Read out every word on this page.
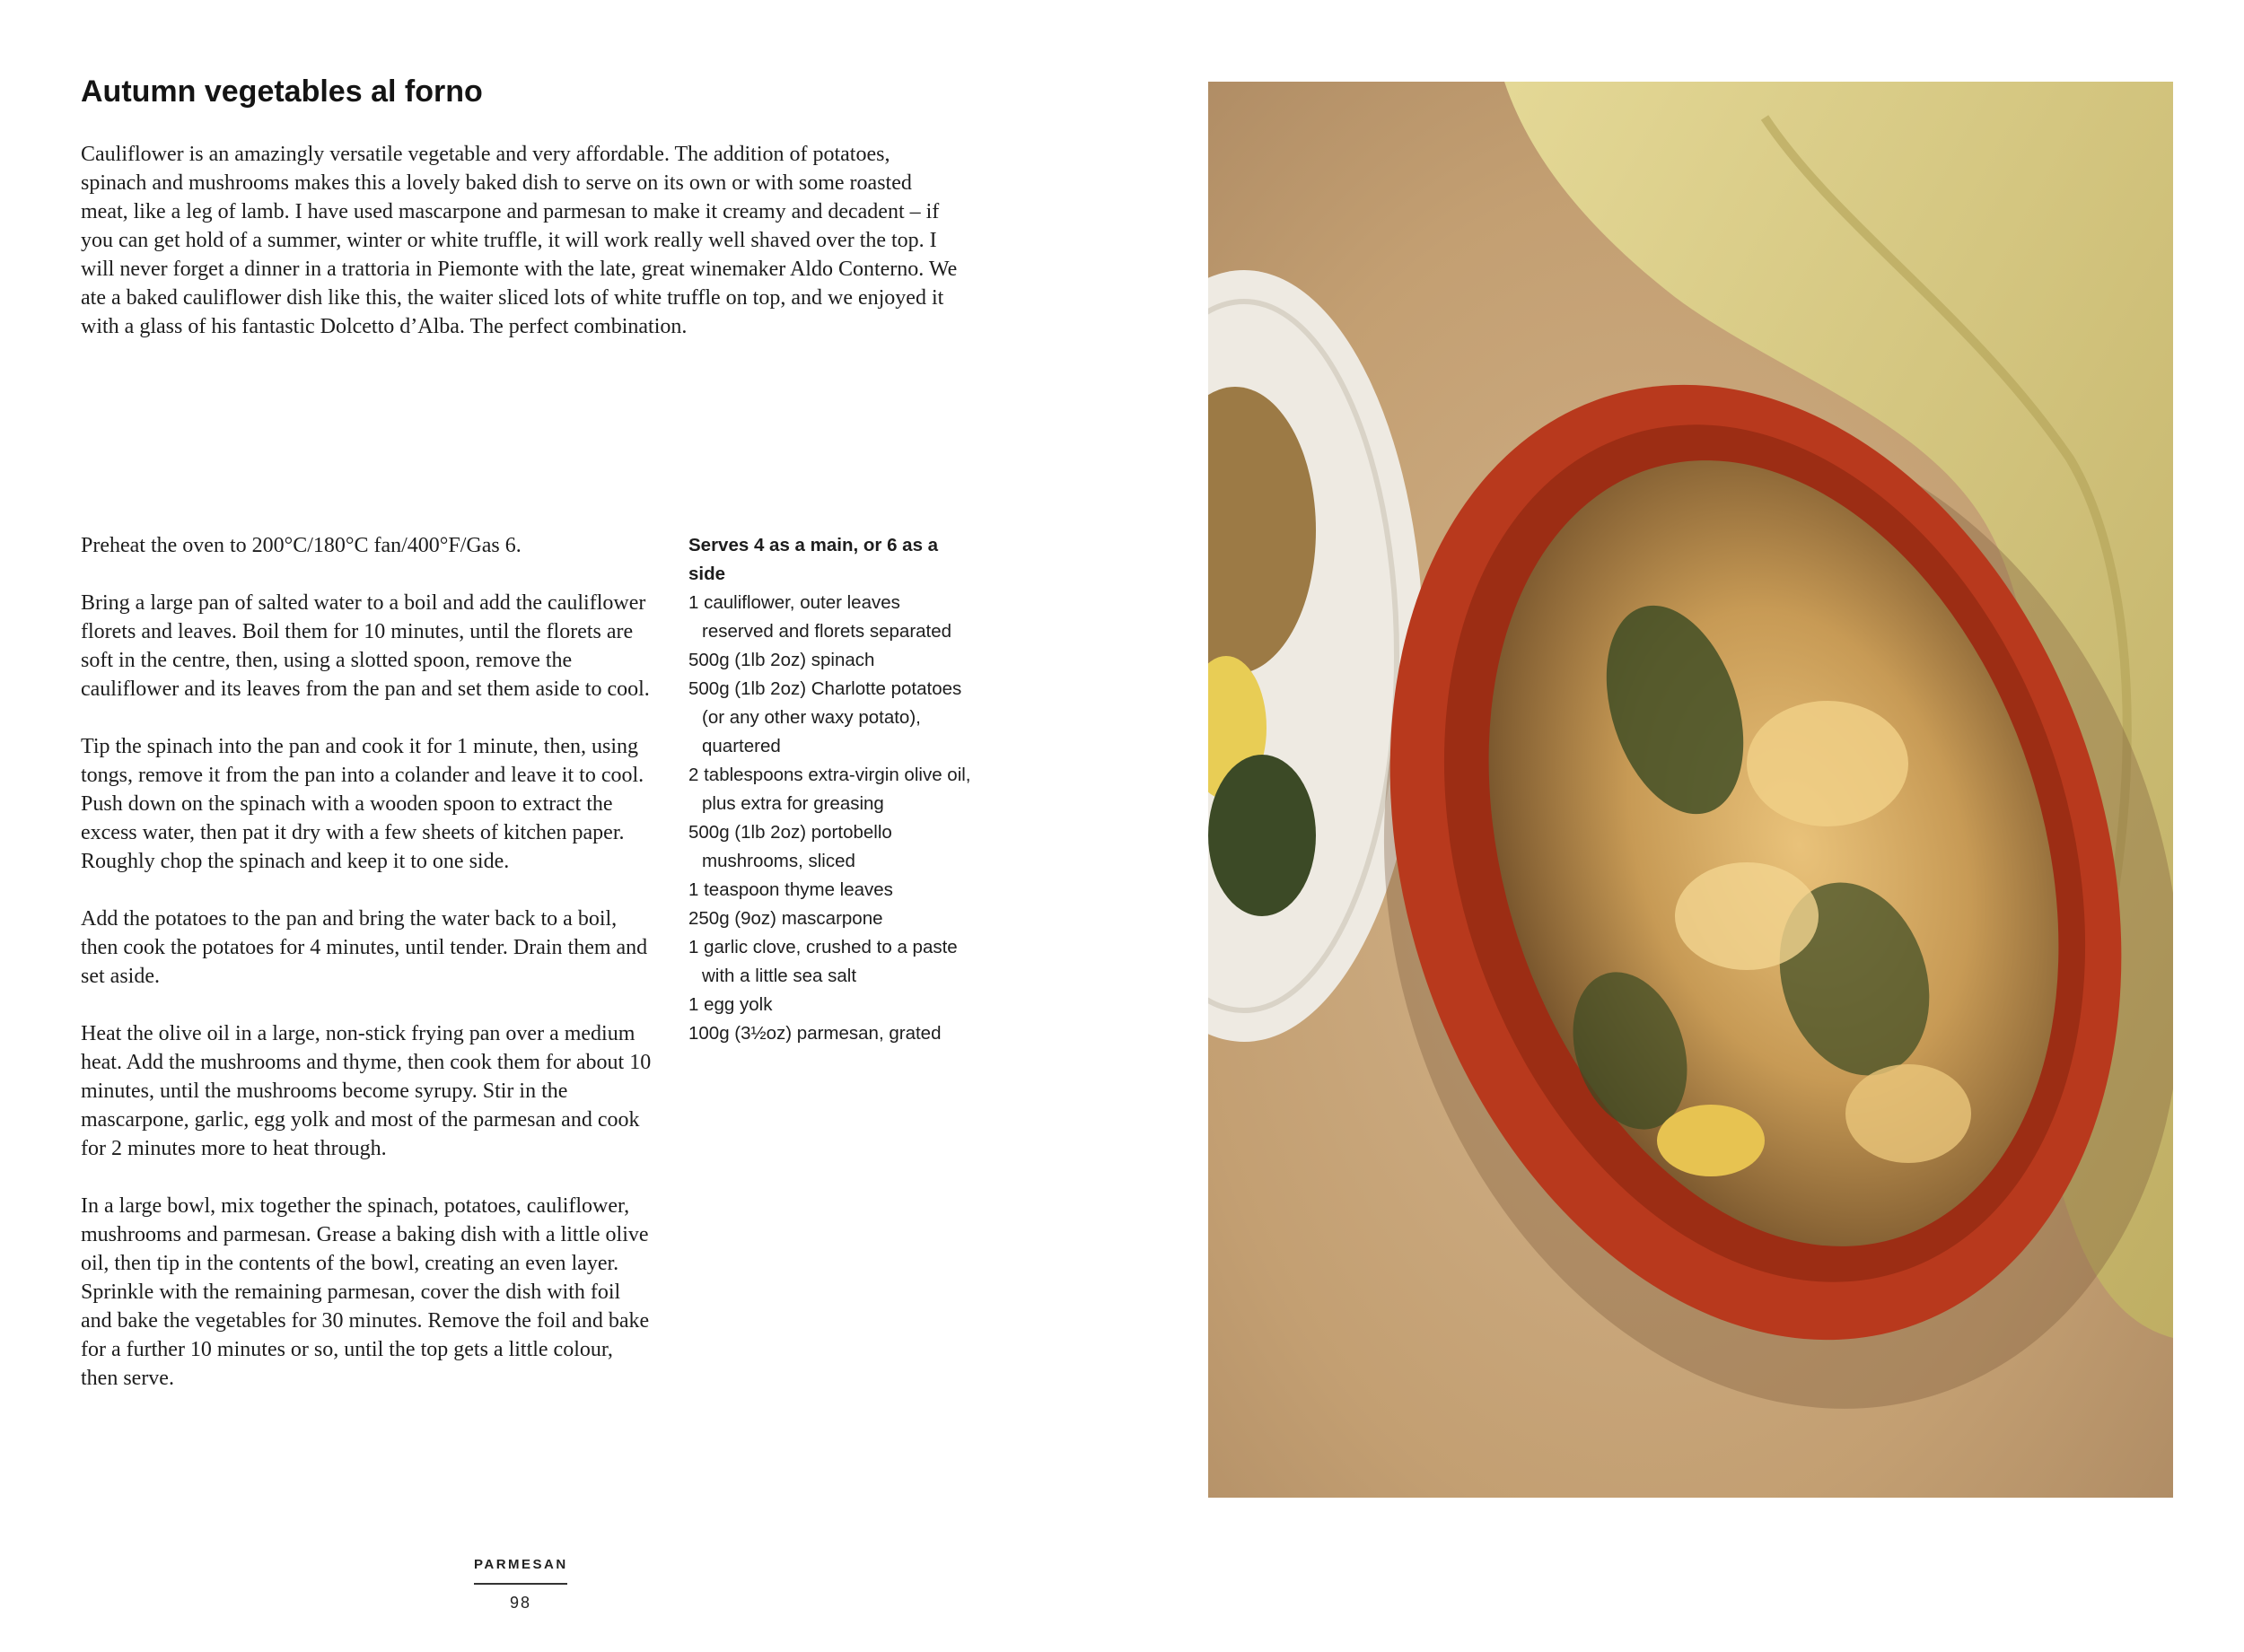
Autumn vegetables al forno

Cauliflower is an amazingly versatile vegetable and very affordable. The addition of potatoes, spinach and mushrooms makes this a lovely baked dish to serve on its own or with some roasted meat, like a leg of lamb. I have used mascarpone and parmesan to make it creamy and decadent – if you can get hold of a summer, winter or white truffle, it will work really well shaved over the top. I will never forget a dinner in a trattoria in Piemonte with the late, great winemaker Aldo Conterno. We ate a baked cauliflower dish like this, the waiter sliced lots of white truffle on top, and we enjoyed it with a glass of his fantastic Dolcetto d’Alba. The perfect combination.

Preheat the oven to 200°C/180°C fan/400°F/Gas 6.

Bring a large pan of salted water to a boil and add the cauliflower florets and leaves. Boil them for 10 minutes, until the florets are soft in the centre, then, using a slotted spoon, remove the cauliflower and its leaves from the pan and set them aside to cool.

Tip the spinach into the pan and cook it for 1 minute, then, using tongs, remove it from the pan into a colander and leave it to cool. Push down on the spinach with a wooden spoon to extract the excess water, then pat it dry with a few sheets of kitchen paper. Roughly chop the spinach and keep it to one side.

Add the potatoes to the pan and bring the water back to a boil, then cook the potatoes for 4 minutes, until tender. Drain them and set aside.

Heat the olive oil in a large, non-stick frying pan over a medium heat. Add the mushrooms and thyme, then cook them for about 10 minutes, until the mushrooms become syrupy. Stir in the mascarpone, garlic, egg yolk and most of the parmesan and cook for 2 minutes more to heat through.

In a large bowl, mix together the spinach, potatoes, cauliflower, mushrooms and parmesan. Grease a baking dish with a little olive oil, then tip in the contents of the bowl, creating an even layer. Sprinkle with the remaining parmesan, cover the dish with foil and bake the vegetables for 30 minutes. Remove the foil and bake for a further 10 minutes or so, until the top gets a little colour, then serve.

Serves 4 as a main, or 6 as a side

1 cauliflower, outer leaves reserved and florets separated
500g (1lb 2oz) spinach
500g (1lb 2oz) Charlotte potatoes (or any other waxy potato), quartered
2 tablespoons extra-virgin olive oil, plus extra for greasing
500g (1lb 2oz) portobello mushrooms, sliced
1 teaspoon thyme leaves
250g (9oz) mascarpone
1 garlic clove, crushed to a paste with a little sea salt
1 egg yolk
100g (3½oz) parmesan, grated
PARMESAN
98
